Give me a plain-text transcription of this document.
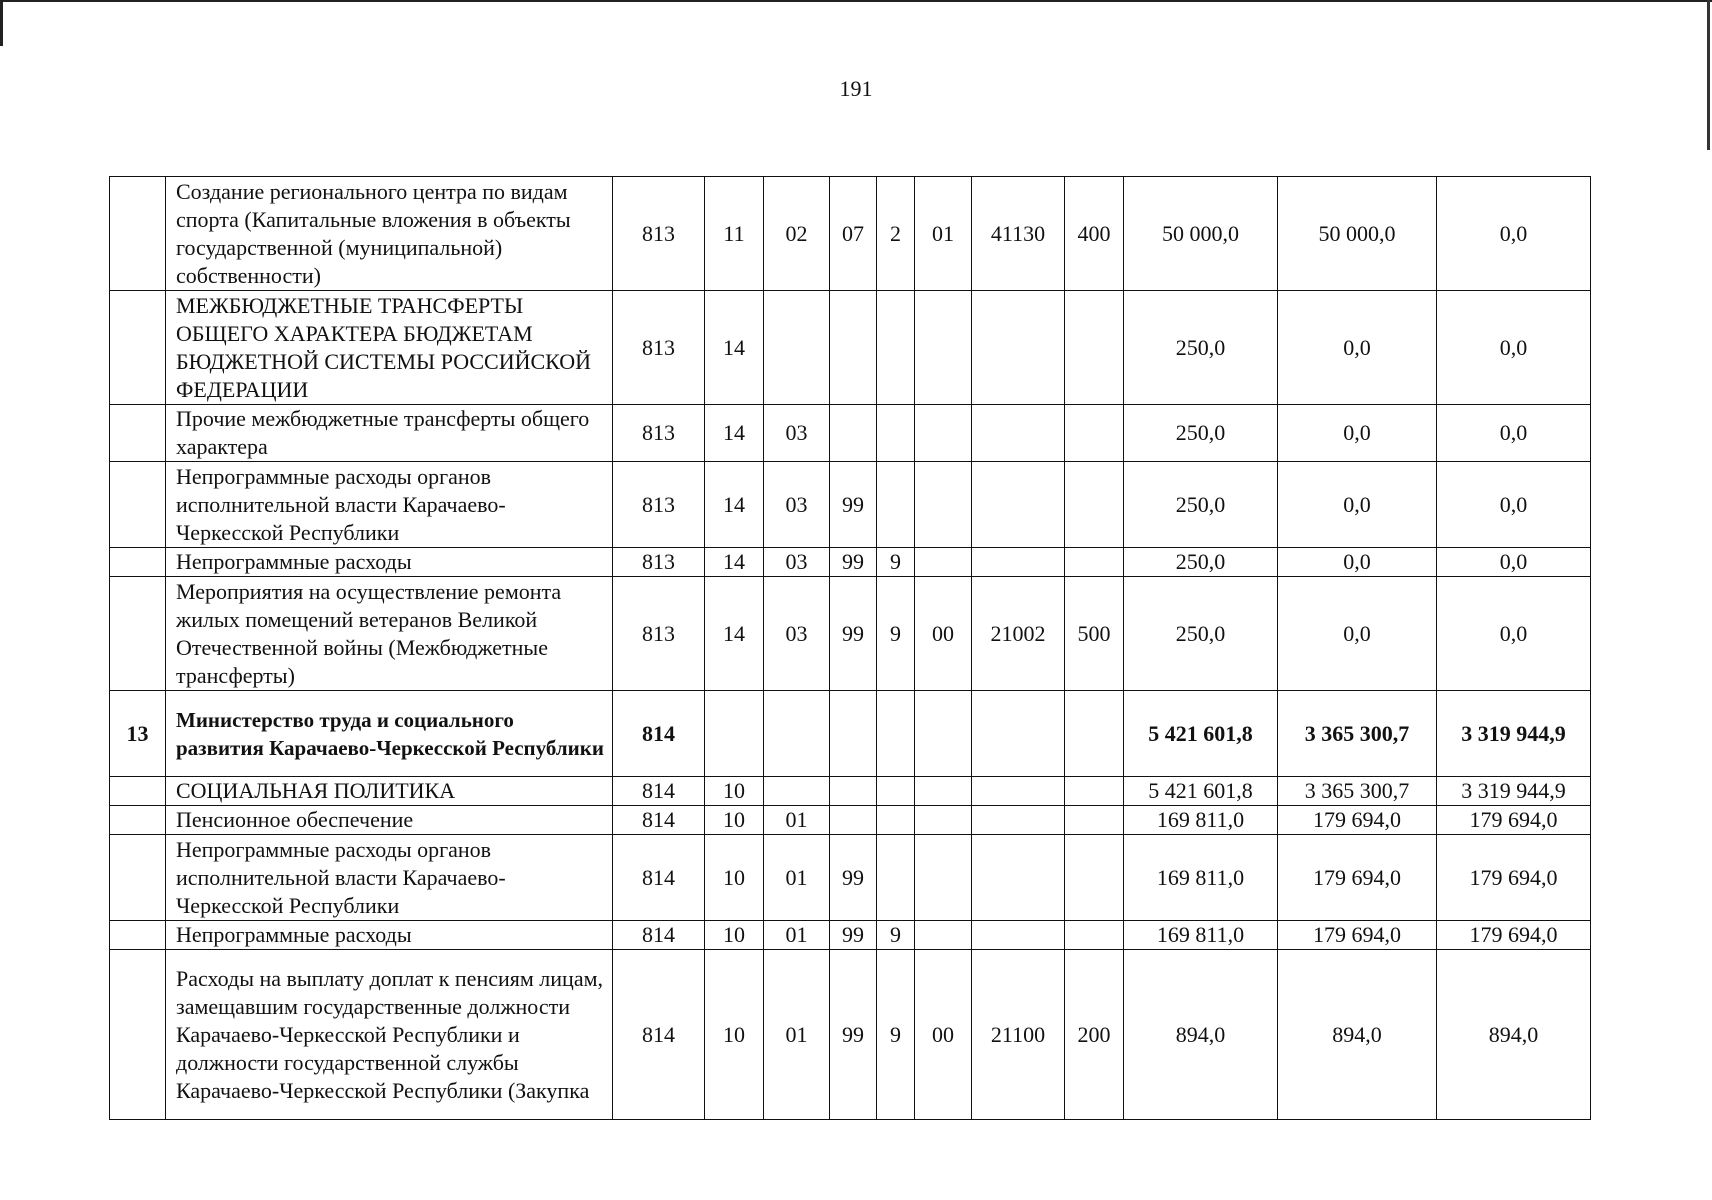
191
	Создание регионального центра по видам спорта (Капитальные вложения в объекты государственной (муниципальной) собственности)	813	11	02	07	2	01	41130	400	50 000,0	50 000,0	0,0
	МЕЖБЮДЖЕТНЫЕ ТРАНСФЕРТЫ ОБЩЕГО ХАРАКТЕРА БЮДЖЕТАМ БЮДЖЕТНОЙ СИСТЕМЫ РОССИЙСКОЙ ФЕДЕРАЦИИ	813	14							250,0	0,0	0,0
	Прочие межбюджетные трансферты общего характера	813	14	03						250,0	0,0	0,0
	Непрограммные расходы органов исполнительной власти Карачаево-Черкесской Республики	813	14	03	99					250,0	0,0	0,0
	Непрограммные расходы	813	14	03	99	9				250,0	0,0	0,0
	Мероприятия на осуществление ремонта жилых помещений ветеранов Великой Отечественной войны (Межбюджетные трансферты)	813	14	03	99	9	00	21002	500	250,0	0,0	0,0
13	Министерство труда и социального развития Карачаево-Черкесской Республики	814								5 421 601,8	3 365 300,7	3 319 944,9
	СОЦИАЛЬНАЯ ПОЛИТИКА	814	10							5 421 601,8	3 365 300,7	3 319 944,9
	Пенсионное обеспечение	814	10	01						169 811,0	179 694,0	179 694,0
	Непрограммные расходы органов исполнительной власти Карачаево-Черкесской Республики	814	10	01	99					169 811,0	179 694,0	179 694,0
	Непрограммные расходы	814	10	01	99	9				169 811,0	179 694,0	179 694,0
	Расходы на выплату доплат к пенсиям лицам, замещавшим государственные должности Карачаево-Черкесской Республики и должности государственной службы Карачаево-Черкесской Республики (Закупка	814	10	01	99	9	00	21100	200	894,0	894,0	894,0
